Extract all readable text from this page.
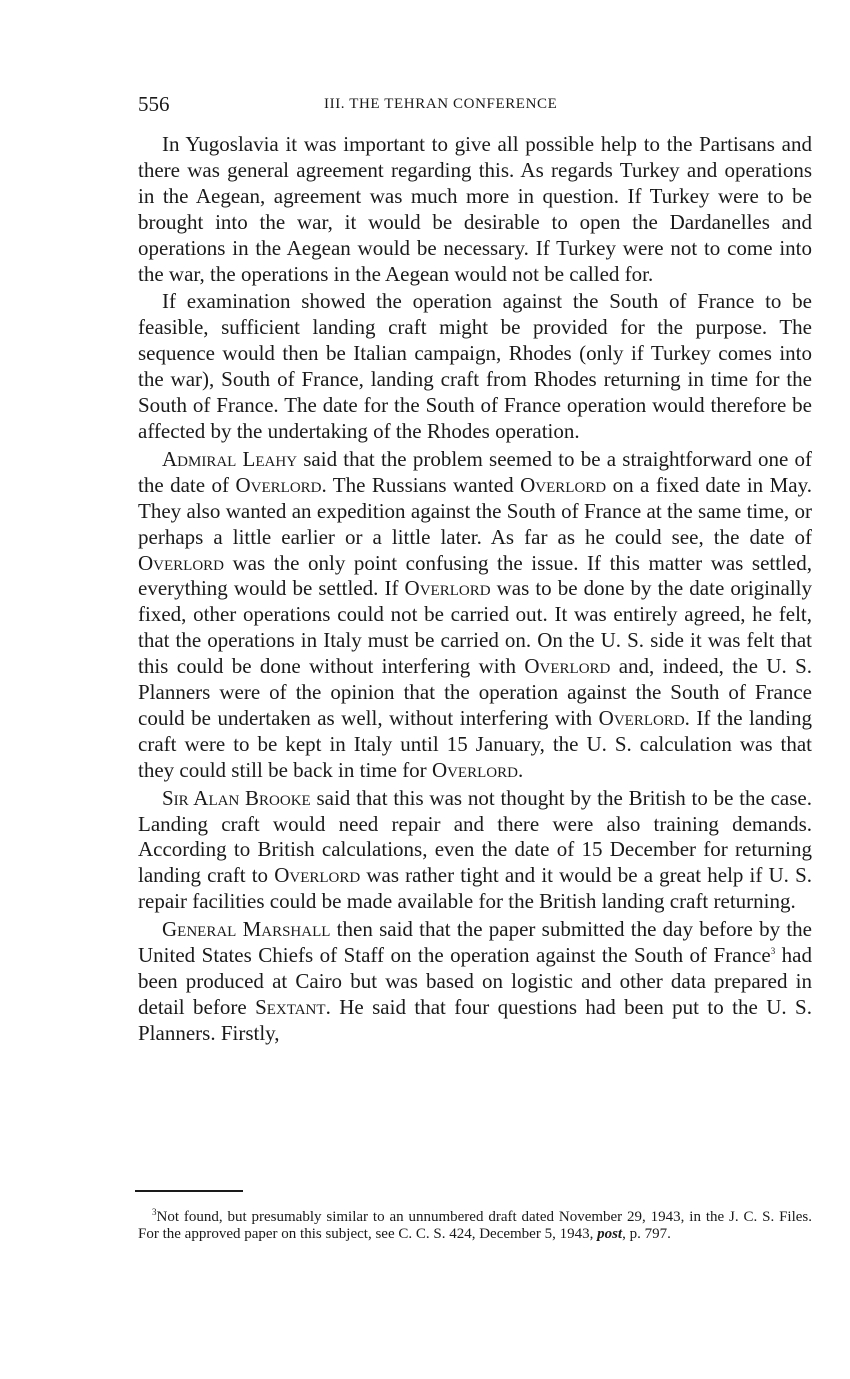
556	III. THE TEHRAN CONFERENCE

In Yugoslavia it was important to give all possible help to the Partisans and there was general agreement regarding this. As regards Turkey and operations in the Aegean, agreement was much more in question. If Turkey were to be brought into the war, it would be desirable to open the Dardanelles and operations in the Aegean would be necessary. If Turkey were not to come into the war, the operations in the Aegean would not be called for.

If examination showed the operation against the South of France to be feasible, sufficient landing craft might be provided for the purpose. The sequence would then be Italian campaign, Rhodes (only if Turkey comes into the war), South of France, landing craft from Rhodes returning in time for the South of France. The date for the South of France operation would therefore be affected by the undertaking of the Rhodes operation.

Admiral Leahy said that the problem seemed to be a straightforward one of the date of Overlord. The Russians wanted Overlord on a fixed date in May. They also wanted an expedition against the South of France at the same time, or perhaps a little earlier or a little later. As far as he could see, the date of Overlord was the only point confusing the issue. If this matter was settled, everything would be settled. If Overlord was to be done by the date originally fixed, other operations could not be carried out. It was entirely agreed, he felt, that the operations in Italy must be carried on. On the U. S. side it was felt that this could be done without interfering with Overlord and, indeed, the U. S. Planners were of the opinion that the operation against the South of France could be undertaken as well, without interfering with Overlord. If the landing craft were to be kept in Italy until 15 January, the U. S. calculation was that they could still be back in time for Overlord.

Sir Alan Brooke said that this was not thought by the British to be the case. Landing craft would need repair and there were also training demands. According to British calculations, even the date of 15 December for returning landing craft to Overlord was rather tight and it would be a great help if U. S. repair facilities could be made available for the British landing craft returning.

General Marshall then said that the paper submitted the day before by the United States Chiefs of Staff on the operation against the South of France$^3$ had been produced at Cairo but was based on logistic and other data prepared in detail before Sextant. He said that four questions had been put to the U. S. Planners. Firstly,

$^3$Not found, but presumably similar to an unnumbered draft dated November 29, 1943, in the J. C. S. Files. For the approved paper on this subject, see C. C. S. 424, December 5, 1943, post, p. 797.
